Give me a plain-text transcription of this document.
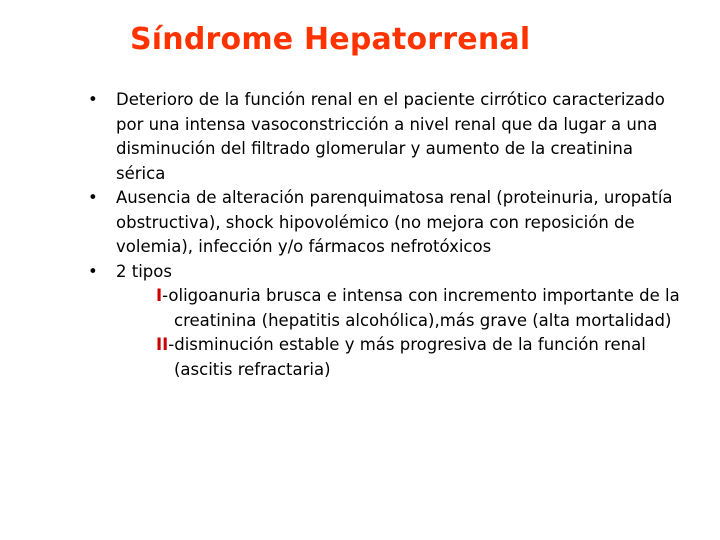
Síndrome Hepatorrenal
• Deterioro de la función renal en el paciente cirrótico caracterizado por una intensa vasoconstricción a nivel renal que da lugar a una disminución del filtrado glomerular y aumento de la creatinina sérica
• Ausencia de alteración parenquimatosa renal (proteinuria, uropatía obstructiva), shock hipovolémico (no mejora con reposición de volemia), infección y/o fármacos nefrotóxicos
• 2 tipos
I-oligoanuria brusca e intensa con incremento importante de la creatinina (hepatitis alcohólica),más grave (alta mortalidad)
II-disminución estable y más progresiva de la función renal (ascitis refractaria)
